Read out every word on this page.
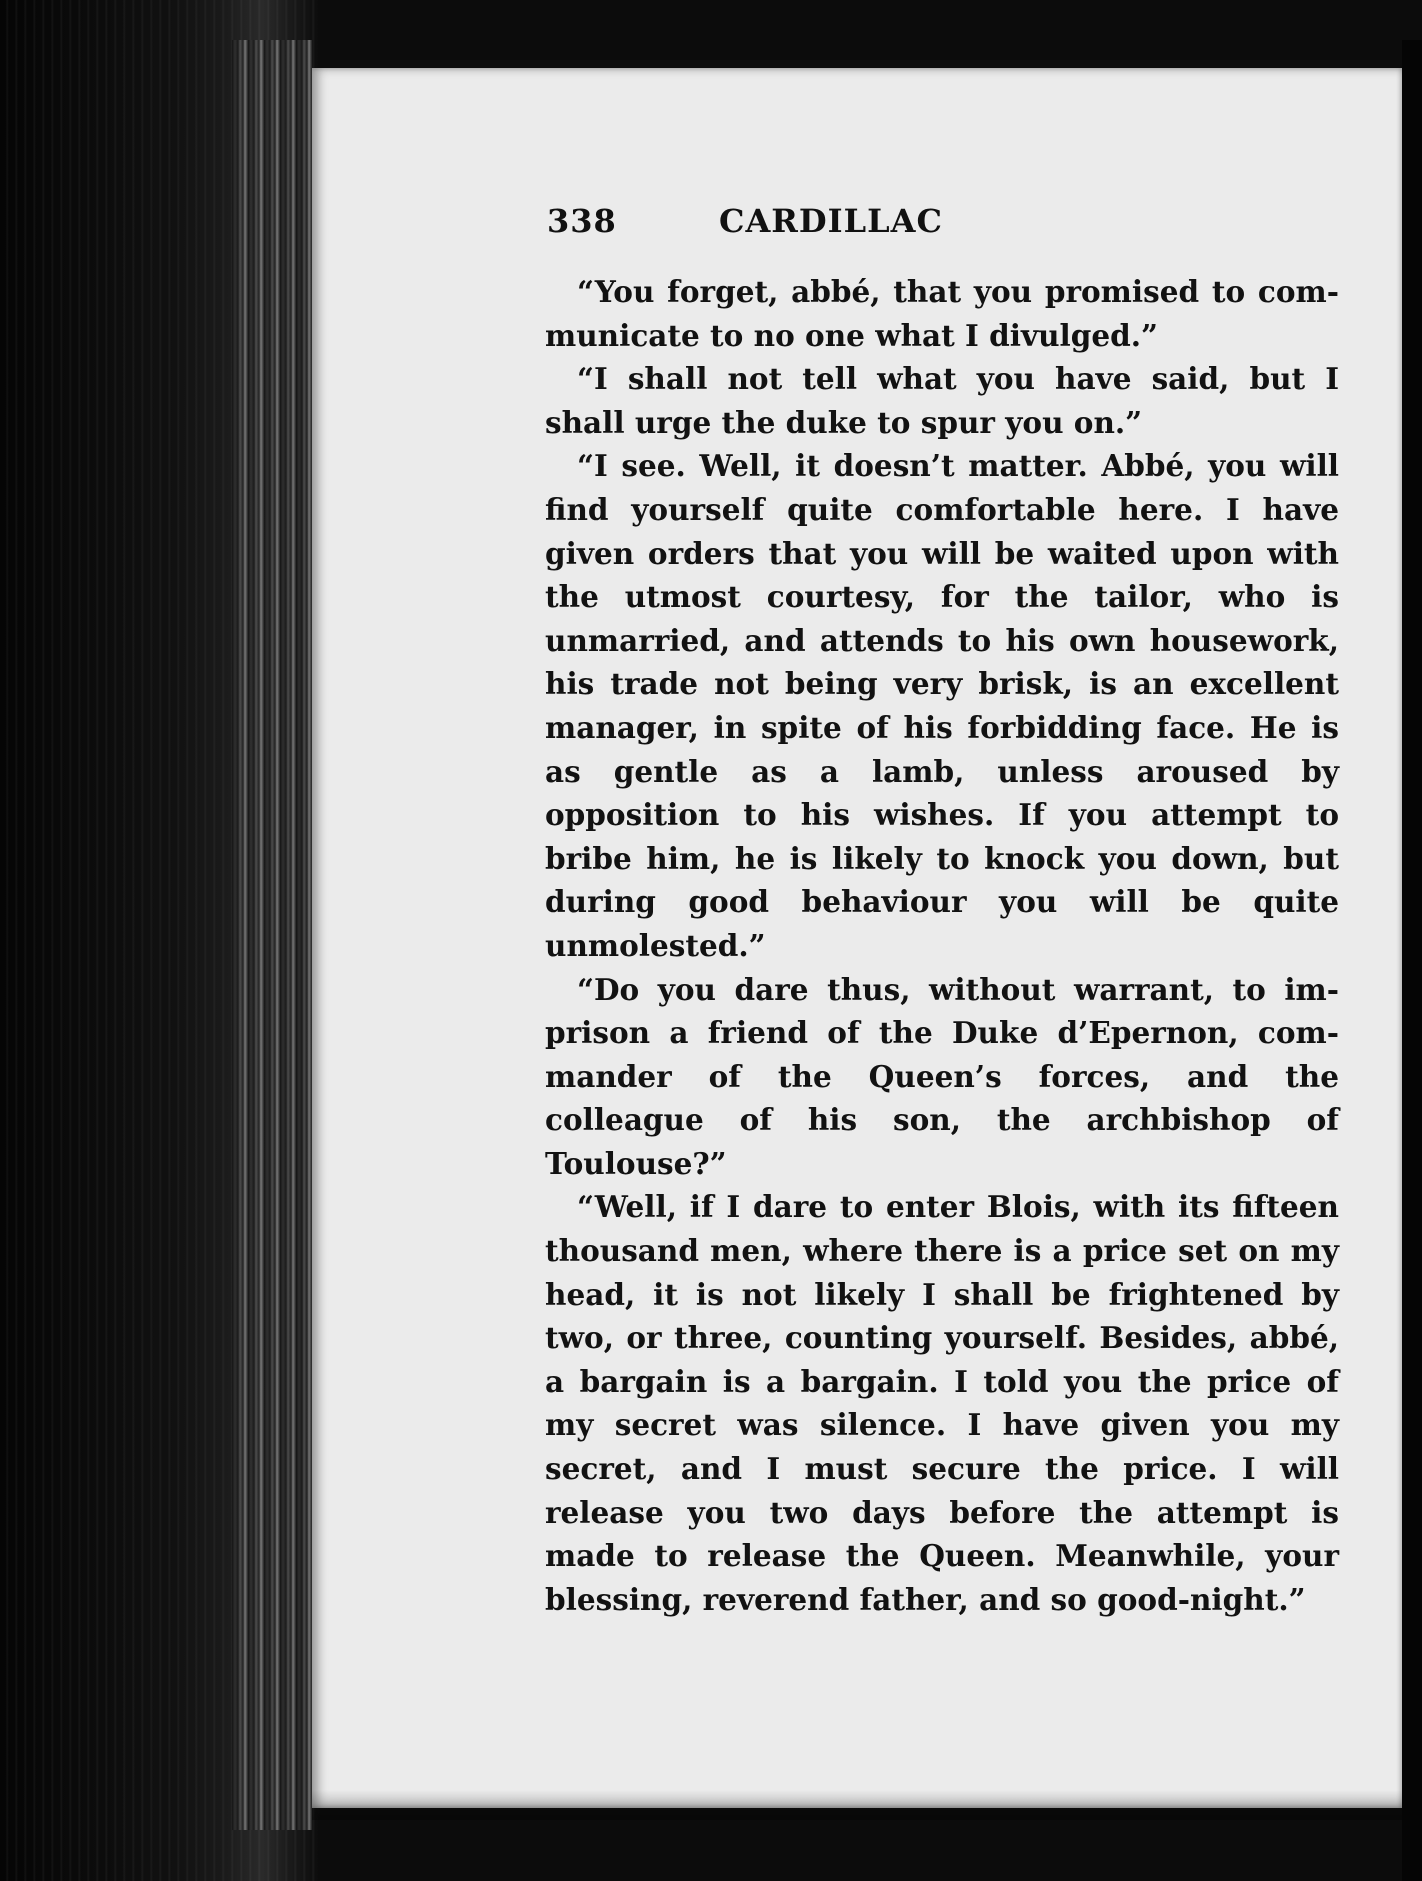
338	CARDILLAC

“You forget, abbé, that you promised to communicate to no one what I divulged.”

“I shall not tell what you have said, but I shall urge the duke to spur you on.”

“I see. Well, it doesn’t matter. Abbé, you will find yourself quite comfortable here. I have given orders that you will be waited upon with the utmost courtesy, for the tailor, who is unmarried, and attends to his own housework, his trade not being very brisk, is an excellent manager, in spite of his forbidding face. He is as gentle as a lamb, unless aroused by opposition to his wishes. If you attempt to bribe him, he is likely to knock you down, but during good behaviour you will be quite unmolested.”

“Do you dare thus, without warrant, to imprison a friend of the Duke d’Epernon, commander of the Queen’s forces, and the colleague of his son, the archbishop of Toulouse?”

“Well, if I dare to enter Blois, with its fifteen thousand men, where there is a price set on my head, it is not likely I shall be frightened by two, or three, counting yourself. Besides, abbé, a bargain is a bargain. I told you the price of my secret was silence. I have given you my secret, and I must secure the price. I will release you two days before the attempt is made to release the Queen. Meanwhile, your blessing, reverend father, and so good-night.”
